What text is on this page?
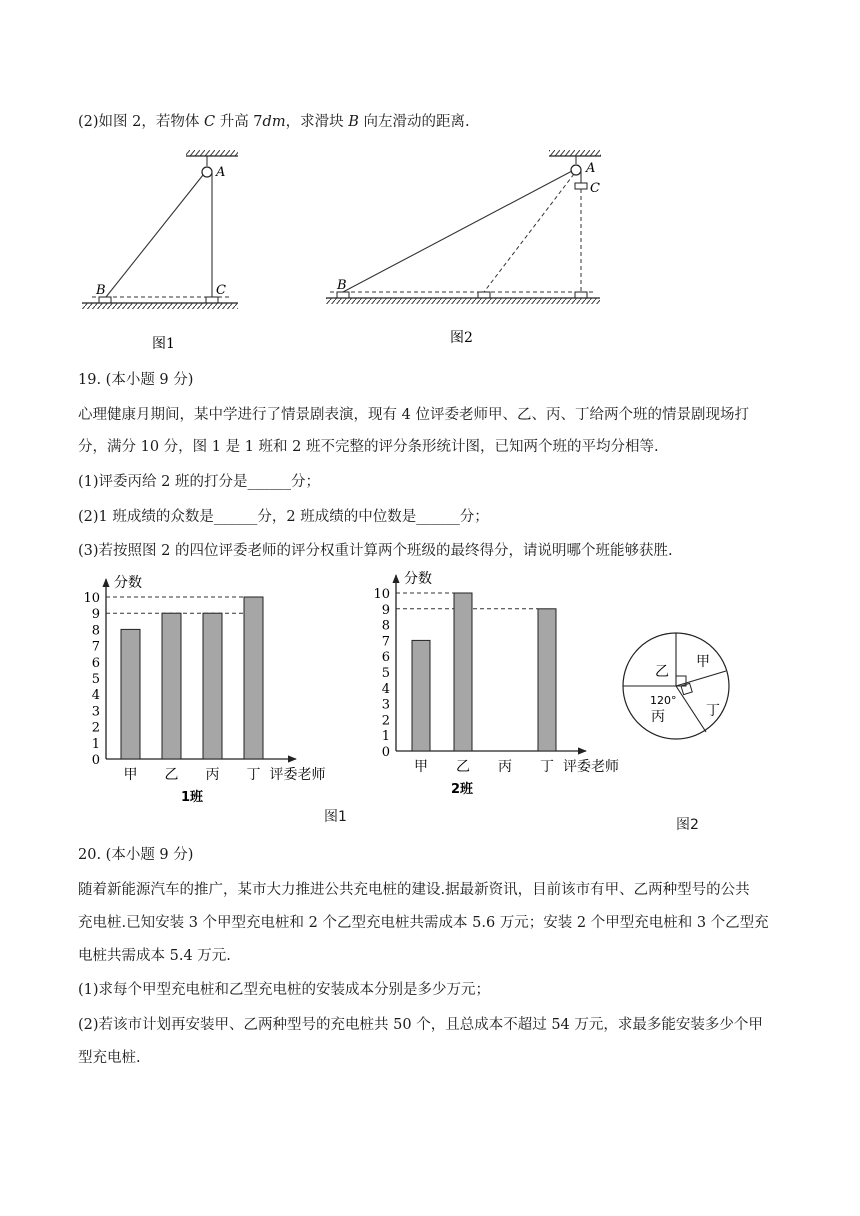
(2)如图 2，若物体 C 升高 7dm，求滑块 B 向左滑动的距离.
A
B	C
图1
A
C
B
图2
19. (本小题 9 分)
心理健康月期间，某中学进行了情景剧表演，现有 4 位评委老师甲、乙、丙、丁给两个班的情景剧现场打
分，满分 10 分，图 1 是 1 班和 2 班不完整的评分条形统计图，已知两个班的平均分相等.
(1)评委丙给 2 班的打分是______分；
(2)1 班成绩的众数是______分，2 班成绩的中位数是______分；
(3)若按照图 2 的四位评委老师的评分权重计算两个班级的最终得分，请说明哪个班能够获胜.
分数
0
1
2
3
4
5
6
7
8
9
10
甲 乙 丙 丁 评委老师
1班
分数
0
1
2
3
4
5
6
7
8
9
10
甲 乙 丙 丁 评委老师
2班
图1
乙
甲
丙	丁
120°
图2
20. (本小题 9 分)
随着新能源汽车的推广，某市大力推进公共充电桩的建设.据最新资讯，目前该市有甲、乙两种型号的公共
充电桩.已知安装 3 个甲型充电桩和 2 个乙型充电桩共需成本 5.6 万元；安装 2 个甲型充电桩和 3 个乙型充
电桩共需成本 5.4 万元.
(1)求每个甲型充电桩和乙型充电桩的安装成本分别是多少万元；
(2)若该市计划再安装甲、乙两种型号的充电桩共 50 个，且总成本不超过 54 万元，求最多能安装多少个甲
型充电桩.
